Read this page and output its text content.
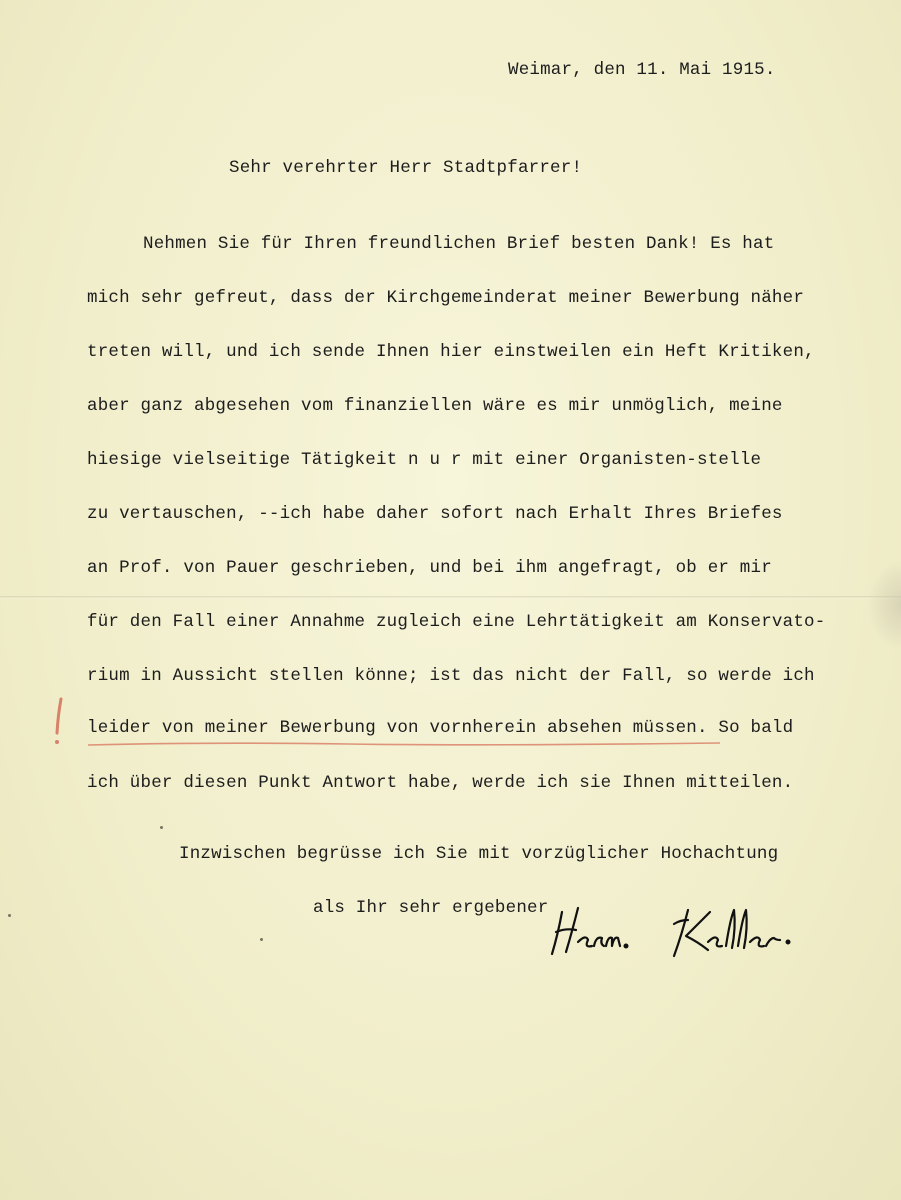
Weimar, den 11. Mai 1915.
Sehr verehrter Herr Stadtpfarrer!
Nehmen Sie für Ihren freundlichen Brief besten Dank! Es hat
mich sehr gefreut, dass der Kirchgemeinderat meiner Bewerbung näher
treten will, und ich sende Ihnen hier einstweilen ein Heft Kritiken,
aber ganz abgesehen vom finanziellen wäre es mir unmöglich, meine
hiesige vielseitige Tätigkeit n u r mit einer Organisten-stelle
zu vertauschen, --ich habe daher sofort nach Erhalt Ihres Briefes
an Prof. von Pauer geschrieben, und bei ihm angefragt, ob er mir
für den Fall einer Annahme zugleich eine Lehrtätigkeit am Konservato-
rium in Aussicht stellen könne; ist das nicht der Fall, so werde ich
leider von meiner Bewerbung von vornherein absehen müssen. So bald
ich über diesen Punkt Antwort habe, werde ich sie Ihnen mitteilen.
Inzwischen begrüsse ich Sie mit vorzüglicher Hochachtung
als Ihr sehr ergebener
